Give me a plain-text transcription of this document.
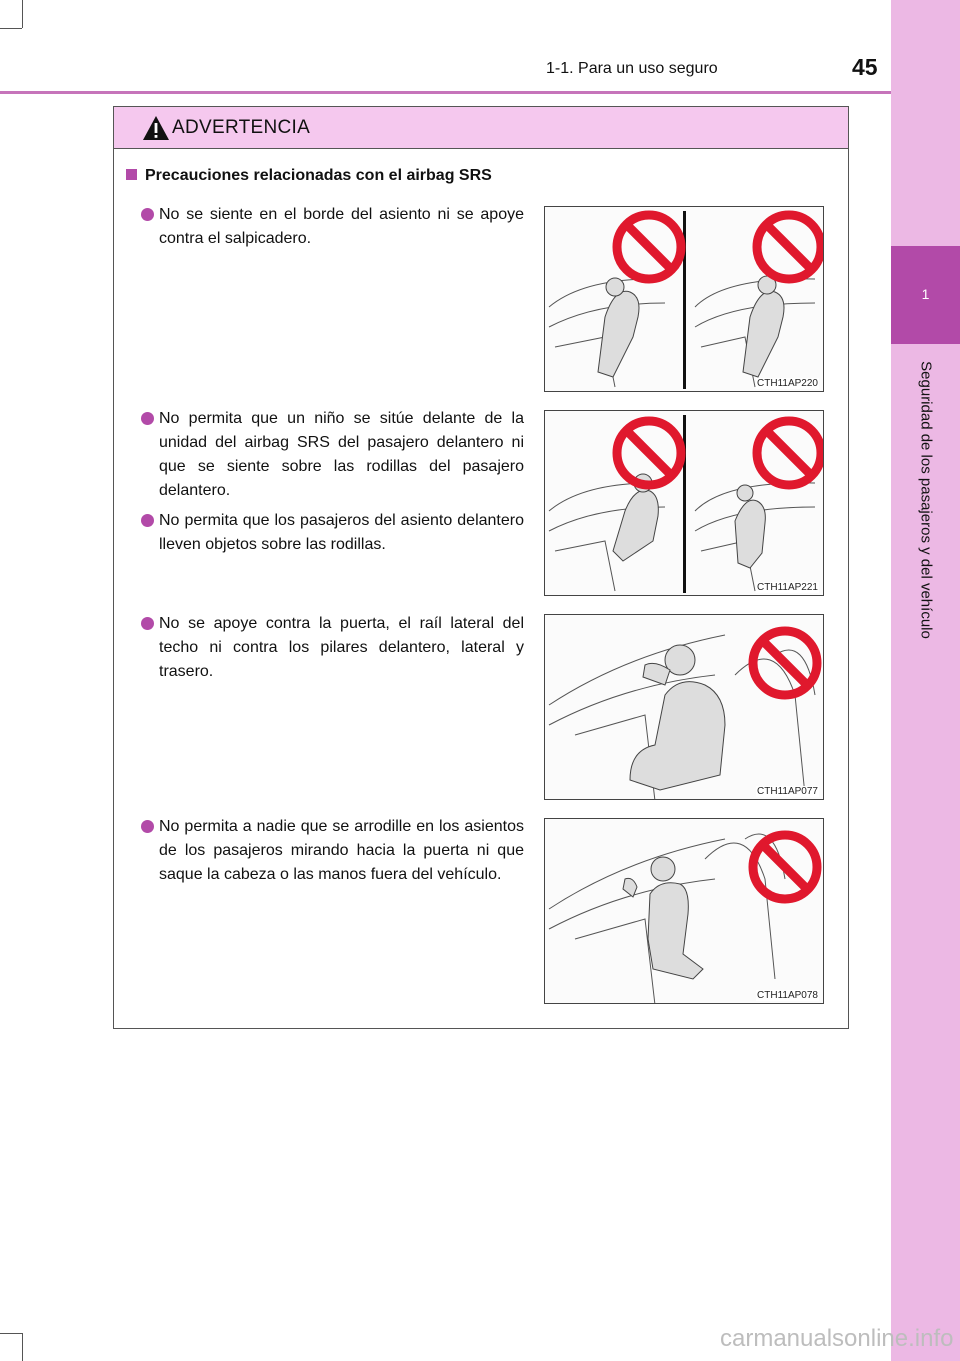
1
Seguridad de los pasajeros y del vehículo
1-1. Para un uso seguro	45
ADVERTENCIA
Precauciones relacionadas con el airbag SRS
No se siente en el borde del asiento ni se apoye contra el salpicadero.
No permita que un niño se sitúe delante de la unidad del airbag SRS del pasajero delantero ni que se siente sobre las rodillas del pasajero delantero.
No permita que los pasajeros del asiento delantero lleven objetos sobre las rodillas.
No se apoye contra la puerta, el raíl lateral del techo ni contra los pilares delantero, lateral y trasero.
No permita a nadie que se arrodille en los asientos de los pasajeros mirando hacia la puerta ni que saque la cabeza o las manos fuera del vehículo.
CTH11AP220
CTH11AP221
CTH11AP077
CTH11AP078
carmanualsonline.info
